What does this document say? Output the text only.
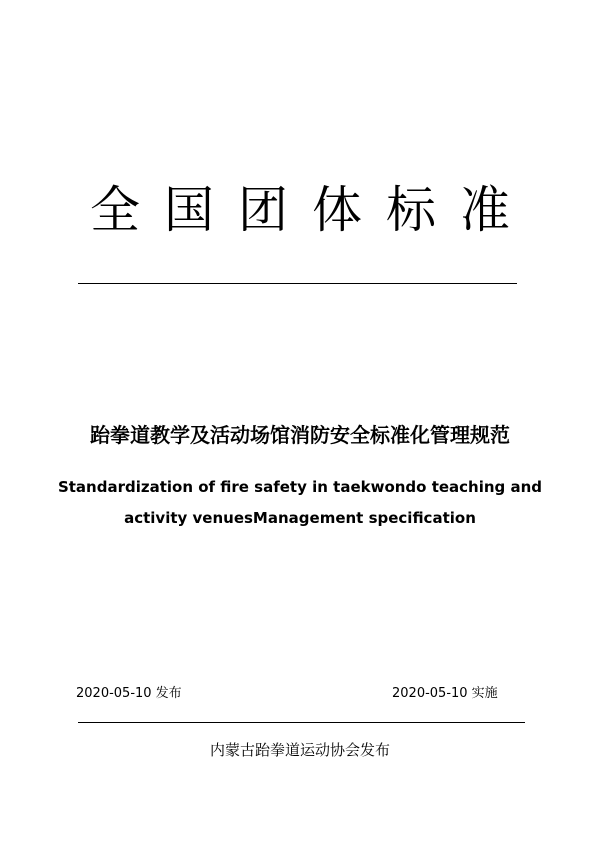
全国团体标准
跆拳道教学及活动场馆消防安全标准化管理规范
Standardization of fire safety in taekwondo teaching and
activity venuesManagement specification
2020-05-10 发布	2020-05-10 实施
内蒙古跆拳道运动协会发布
